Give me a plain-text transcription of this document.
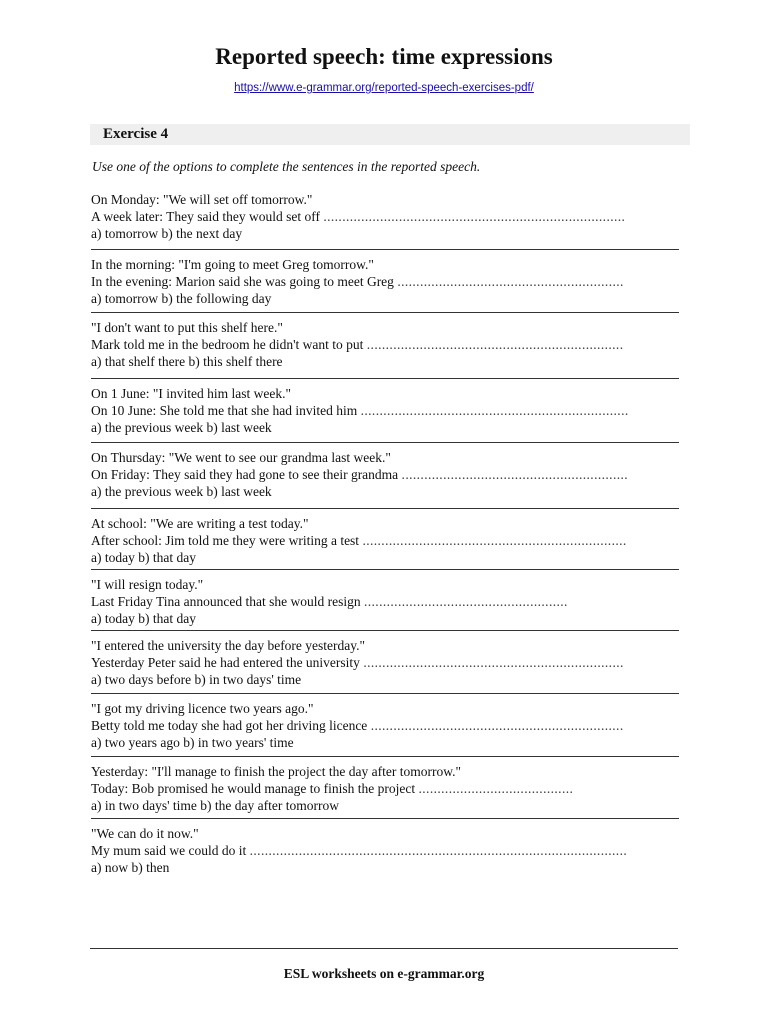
Reported speech: time expressions
https://www.e-grammar.org/reported-speech-exercises-pdf/
Exercise 4
Use one of the options to complete the sentences in the reported speech.
On Monday: "We will set off tomorrow."
A week later: They said they would set off ................................................................................
a) tomorrow b) the next day
In the morning: "I'm going to meet Greg tomorrow."
In the evening: Marion said she was going to meet Greg ............................................................
a) tomorrow b) the following day
"I don't want to put this shelf here."
Mark told me in the bedroom he didn't want to put ....................................................................
a) that shelf there b) this shelf there
On 1 June: "I invited him last week."
On 10 June: She told me that she had invited him .......................................................................
a) the previous week b) last week
On Thursday: "We went to see our grandma last week."
On Friday: They said they had gone to see their grandma ............................................................
a) the previous week b) last week
At school: "We are writing a test today."
After school: Jim told me they were writing a test ......................................................................
a) today b) that day
"I will resign today."
Last Friday Tina announced that she would resign ......................................................
a) today b) that day
"I entered the university the day before yesterday."
Yesterday Peter said he had entered the university .....................................................................
a) two days before b) in two days' time
"I got my driving licence two years ago."
Betty told me today she had got her driving licence ...................................................................
a) two years ago b) in two years' time
Yesterday: "I'll manage to finish the project the day after tomorrow."
Today: Bob promised he would manage to finish the project .........................................
a) in two days' time b) the day after tomorrow
"We can do it now."
My mum said we could do it ....................................................................................................
a) now b) then
ESL worksheets on e-grammar.org
